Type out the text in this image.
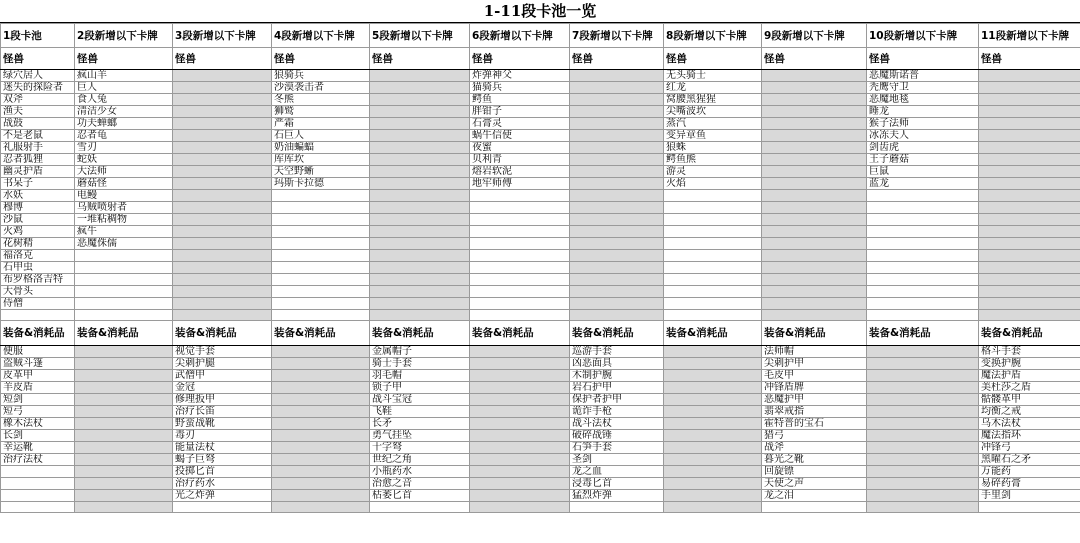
1-11段卡池一览
1段卡池	2段新增以下卡牌	3段新增以下卡牌	4段新增以下卡牌	5段新增以下卡牌	6段新增以下卡牌	7段新增以下卡牌	8段新增以下卡牌	9段新增以下卡牌	10段新增以下卡牌	11段新增以下卡牌
怪兽	怪兽	怪兽	怪兽	怪兽	怪兽	怪兽	怪兽	怪兽	怪兽	怪兽
绿穴居人	疯山羊		狼骑兵		炸弹神父		无头骑士		恶魔斯诺普	
迷失的探险者	巨人		沙漠袭击者		猫骑兵		红龙		秃鹰守卫	
双斧	食人兔		冬熊		鳄鱼		窝腰黑猩猩		恶魔地毯	
渔夫	清洁少女		狮鹫		胖钳子		尖嘴波坎		睡龙	
战鼓	功夫蝉螂		严霜		石膏灵		蒸汽		猴子法师	
不是老鼠	忍者龟		石巨人		蜗牛信使		变异章鱼		冰冻夫人	
礼服射手	雪刃		奶油蝙蝠		夜蜜		狼蛛		剑齿虎	
忍者狐狸	蛇妖		库库坎		贝利青		鳄鱼熊		王子蘑菇	
幽灵护盾	大法师		天空野蜥		熔岩软泥		游灵		巨鼠	
书呆子	蘑菇怪		玛斯卡拉德		地牢师傅		火焰		蓝龙	
水妖	电鳗									
穆博	乌贼喷射者									
沙鼠	一堆粘稠物									
火鸡	疯牛									
花树精	恶魔侏儒									
福洛克										
石甲虫										
布罗格洛吉特										
大骨头										
侍僧										

装备&消耗品	装备&消耗品	装备&消耗品	装备&消耗品	装备&消耗品	装备&消耗品	装备&消耗品	装备&消耗品	装备&消耗品	装备&消耗品	装备&消耗品
便服		视觉手套		金属帽子		巡游手套		法师帽		格斗手套
盗贼斗篷		尖刺护腿		骑士手套		凶恶面具		尖刺护甲		变换护腕
皮革甲		武僧甲		羽毛帽		木制护腕		毛皮甲		魔法护盾
羊皮盾		金冠		锁子甲		岩石护甲		冲锋盾牌		美杜莎之盾
短剑		修理扳甲		战斗宝冠		保护者护甲		恶魔护甲		骷髅革甲
短弓		治疗长笛		飞鞋		诡诈手枪		翡翠戒指		均衡之戒
橡木法杖		野蛮战靴		长矛		战斗法杖		霍特普的宝石		乌木法杖
长剑		毒刃		勇气挂坠		破碎战锤		猎弓		魔法指环
幸运靴		能量法杖		十字弩		石笋手套		战斧		冲锋弓
治疗法杖		蝎子巨弩		世纪之角		圣剑		暮光之靴		黑曜石之矛
		投掷匕首		小瓶药水		龙之血		回旋镖		万能药
		治疗药水		治愈之音		浸毒匕首		天使之声		易碎药膏
		光之炸弹		枯萎匕首		猛烈炸弹		龙之泪		手里剑
